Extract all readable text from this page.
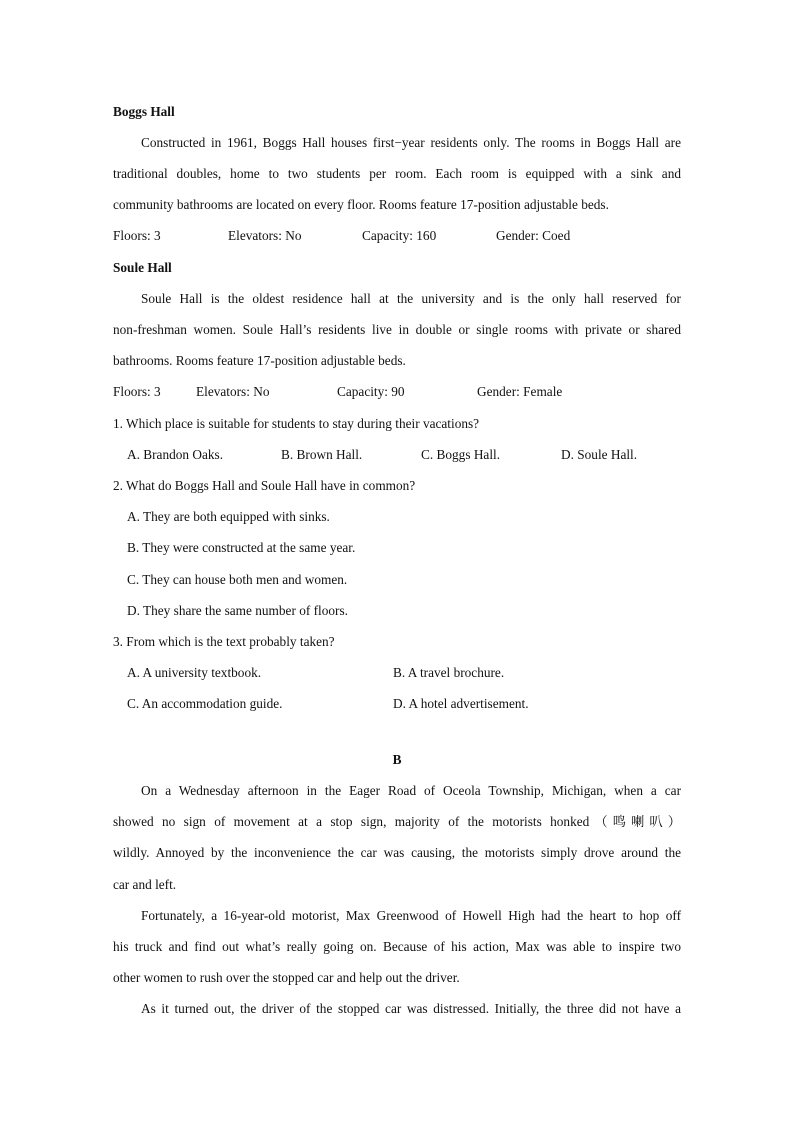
Boggs Hall
Constructed in 1961, Boggs Hall houses first−year residents only. The rooms in Boggs Hall are
traditional doubles, home to two students per room. Each room is equipped with a sink and
community bathrooms are located on every floor. Rooms feature 17-position adjustable beds.
Floors: 3	Elevators: No	Capacity: 160	Gender: Coed
Soule Hall
Soule Hall is the oldest residence hall at the university and is the only hall reserved for
non-freshman women. Soule Hall’s residents live in double or single rooms with private or shared
bathrooms. Rooms feature 17-position adjustable beds.
Floors: 3	Elevators: No	Capacity: 90	Gender: Female
1. Which place is suitable for students to stay during their vacations?
A. Brandon Oaks.	B. Brown Hall.	C. Boggs Hall.	D. Soule Hall.
2. What do Boggs Hall and Soule Hall have in common?
A. They are both equipped with sinks.
B. They were constructed at the same year.
C. They can house both men and women.
D. They share the same number of floors.
3. From which is the text probably taken?
A. A university textbook.	B. A travel brochure.
C. An accommodation guide.	D. A hotel advertisement.
B
On a Wednesday afternoon in the Eager Road of Oceola Township, Michigan, when a car
showed no sign of movement at a stop sign, majority of the motorists honked（鸣喇叭）
wildly. Annoyed by the inconvenience the car was causing, the motorists simply drove around the
car and left.
Fortunately, a 16-year-old motorist, Max Greenwood of Howell High had the heart to hop off
his truck and find out what’s really going on. Because of his action, Max was able to inspire two
other women to rush over the stopped car and help out the driver.
As it turned out, the driver of the stopped car was distressed. Initially, the three did not have a
